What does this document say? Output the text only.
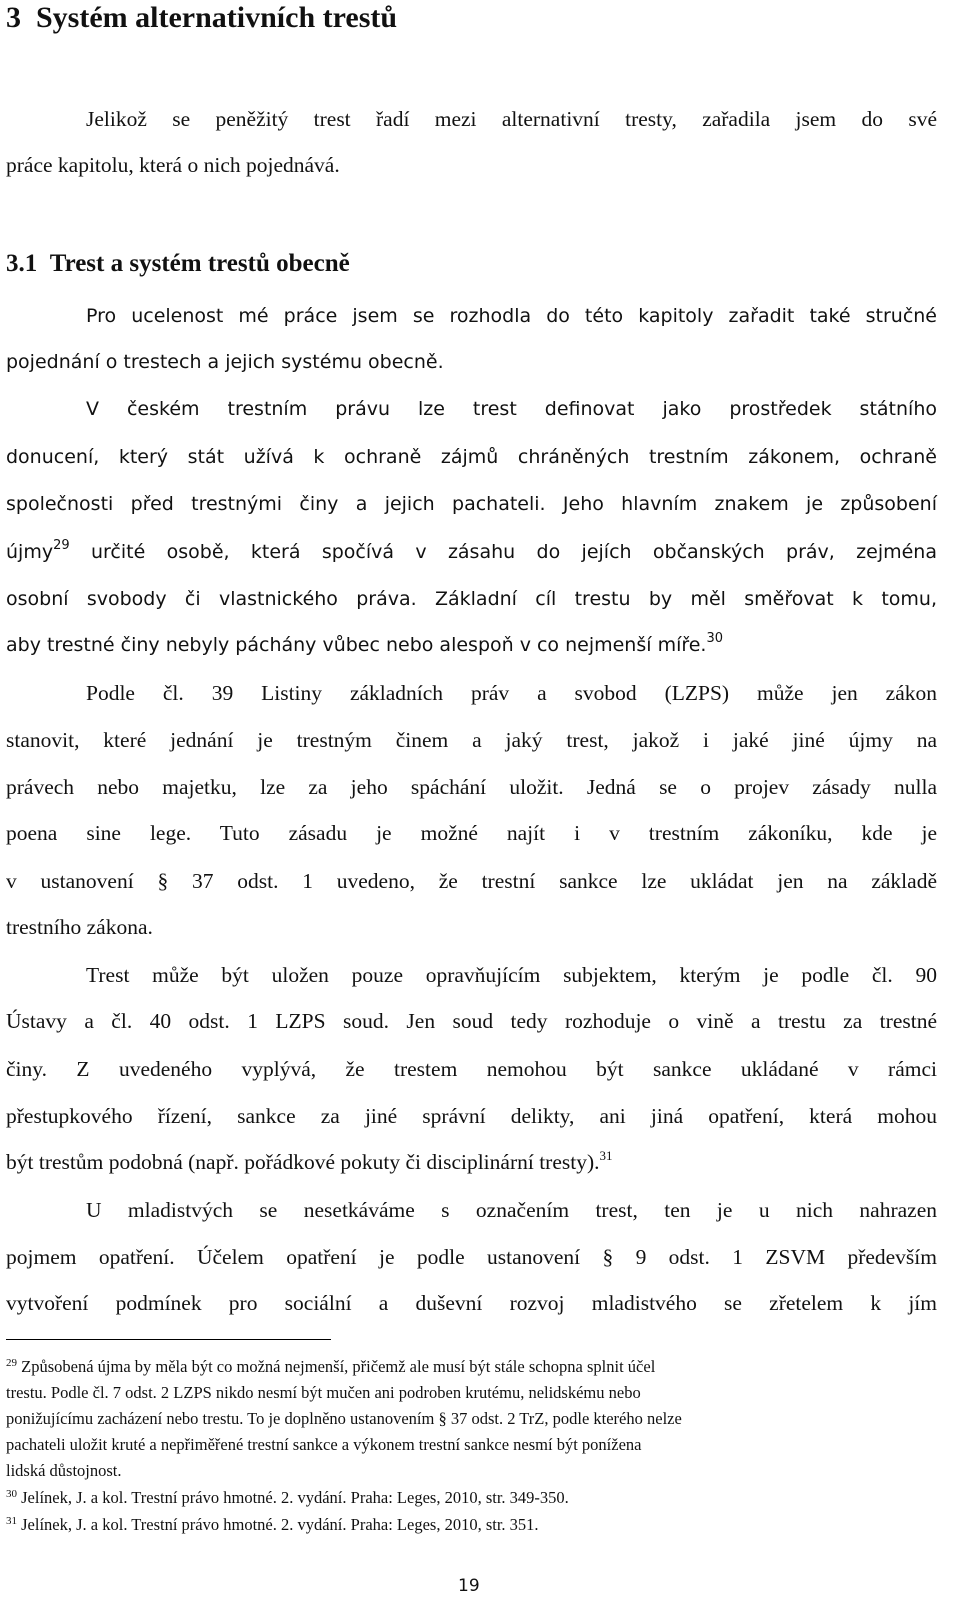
3 Systém alternativních trestů
Jelikož se peněžitý trest řadí mezi alternativní tresty, zařadila jsem do své
práce kapitolu, která o nich pojednává.
3.1 Trest a systém trestů obecně
Pro ucelenost mé práce jsem se rozhodla do této kapitoly zařadit také stručné
pojednání o trestech a jejich systému obecně.
V českém trestním právu lze trest definovat jako prostředek státního
donucení, který stát užívá k ochraně zájmů chráněných trestním zákonem, ochraně
společnosti před trestnými činy a jejich pachateli. Jeho hlavním znakem je způsobení
újmy$^{29}$ určité osobě, která spočívá v zásahu do jejích občanských práv, zejména
osobní svobody či vlastnického práva. Základní cíl trestu by měl směřovat k tomu,
aby trestné činy nebyly páchány vůbec nebo alespoň v co nejmenší míře.$^{30}$
Podle čl. 39 Listiny základních práv a svobod (LZPS) může jen zákon
stanovit, které jednání je trestným činem a jaký trest, jakož i jaké jiné újmy na
právech nebo majetku, lze za jeho spáchání uložit. Jedná se o projev zásady nulla
poena sine lege. Tuto zásadu je možné najít i v trestním zákoníku, kde je
v ustanovení § 37 odst. 1 uvedeno, že trestní sankce lze ukládat jen na základě
trestního zákona.
Trest může být uložen pouze opravňujícím subjektem, kterým je podle čl. 90
Ústavy a čl. 40 odst. 1 LZPS soud. Jen soud tedy rozhoduje o vině a trestu za trestné
činy. Z uvedeného vyplývá, že trestem nemohou být sankce ukládané v rámci
přestupkového řízení, sankce za jiné správní delikty, ani jiná opatření, která mohou
být trestům podobná (např. pořádkové pokuty či disciplinární tresty).$^{31}$
U mladistvých se nesetkáváme s označením trest, ten je u nich nahrazen
pojmem opatření. Účelem opatření je podle ustanovení § 9 odst. 1 ZSVM především
vytvoření podmínek pro sociální a duševní rozvoj mladistvého se zřetelem k jím
$^{29}$ Způsobená újma by měla být co možná nejmenší, přičemž ale musí být stále schopna splnit účel
trestu. Podle čl. 7 odst. 2 LZPS nikdo nesmí být mučen ani podroben krutému, nelidskému nebo
ponižujícímu zacházení nebo trestu. To je doplněno ustanovením § 37 odst. 2 TrZ, podle kterého nelze
pachateli uložit kruté a nepřiměřené trestní sankce a výkonem trestní sankce nesmí být ponížena
lidská důstojnost.
$^{30}$ Jelínek, J. a kol. Trestní právo hmotné. 2. vydání. Praha: Leges, 2010, str. 349-350.
$^{31}$ Jelínek, J. a kol. Trestní právo hmotné. 2. vydání. Praha: Leges, 2010, str. 351.
19
